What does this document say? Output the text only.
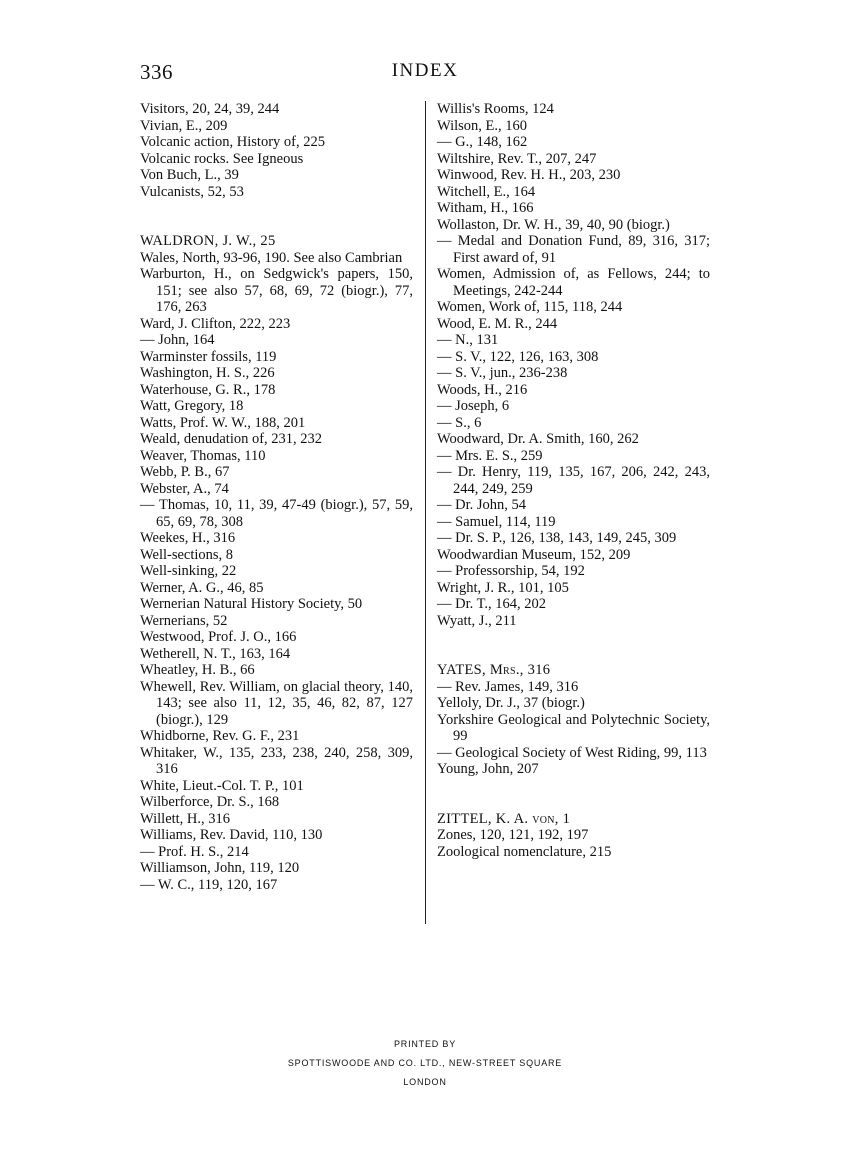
336	INDEX
Visitors, 20, 24, 39, 244
Vivian, E., 209
Volcanic action, History of, 225
Volcanic rocks. See Igneous
Von Buch, L., 39
Vulcanists, 52, 53
WALDRON, J. W., 25
Wales, North, 93-96, 190. See also Cambrian
Warburton, H., on Sedgwick's papers, 150, 151; see also 57, 68, 69, 72 (biogr.), 77, 176, 263
Ward, J. Clifton, 222, 223
— John, 164
Warminster fossils, 119
Washington, H. S., 226
Waterhouse, G. R., 178
Watt, Gregory, 18
Watts, Prof. W. W., 188, 201
Weald, denudation of, 231, 232
Weaver, Thomas, 110
Webb, P. B., 67
Webster, A., 74
— Thomas, 10, 11, 39, 47-49 (biogr.), 57, 59, 65, 69, 78, 308
Weekes, H., 316
Well-sections, 8
Well-sinking, 22
Werner, A. G., 46, 85
Wernerian Natural History Society, 50
Wernerians, 52
Westwood, Prof. J. O., 166
Wetherell, N. T., 163, 164
Wheatley, H. B., 66
Whewell, Rev. William, on glacial theory, 140, 143; see also 11, 12, 35, 46, 82, 87, 127 (biogr.), 129
Whidborne, Rev. G. F., 231
Whitaker, W., 135, 233, 238, 240, 258, 309, 316
White, Lieut.-Col. T. P., 101
Wilberforce, Dr. S., 168
Willett, H., 316
Williams, Rev. David, 110, 130
— Prof. H. S., 214
Williamson, John, 119, 120
— W. C., 119, 120, 167
Willis's Rooms, 124
Wilson, E., 160
— G., 148, 162
Wiltshire, Rev. T., 207, 247
Winwood, Rev. H. H., 203, 230
Witchell, E., 164
Witham, H., 166
Wollaston, Dr. W. H., 39, 40, 90 (biogr.)
— Medal and Donation Fund, 89, 316, 317; First award of, 91
Women, Admission of, as Fellows, 244; to Meetings, 242-244
Women, Work of, 115, 118, 244
Wood, E. M. R., 244
— N., 131
— S. V., 122, 126, 163, 308
— S. V., jun., 236-238
Woods, H., 216
— Joseph, 6
— S., 6
Woodward, Dr. A. Smith, 160, 262
— Mrs. E. S., 259
— Dr. Henry, 119, 135, 167, 206, 242, 243, 244, 249, 259
— Dr. John, 54
— Samuel, 114, 119
— Dr. S. P., 126, 138, 143, 149, 245, 309
Woodwardian Museum, 152, 209
— Professorship, 54, 192
Wright, J. R., 101, 105
— Dr. T., 164, 202
Wyatt, J., 211
YATES, Mrs., 316
— Rev. James, 149, 316
Yelloly, Dr. J., 37 (biogr.)
Yorkshire Geological and Polytechnic Society, 99
— Geological Society of West Riding, 99, 113
Young, John, 207
ZITTEL, K. A. von, 1
Zones, 120, 121, 192, 197
Zoological nomenclature, 215
PRINTED BY
SPOTTISWOODE AND CO. LTD., NEW-STREET SQUARE
LONDON
